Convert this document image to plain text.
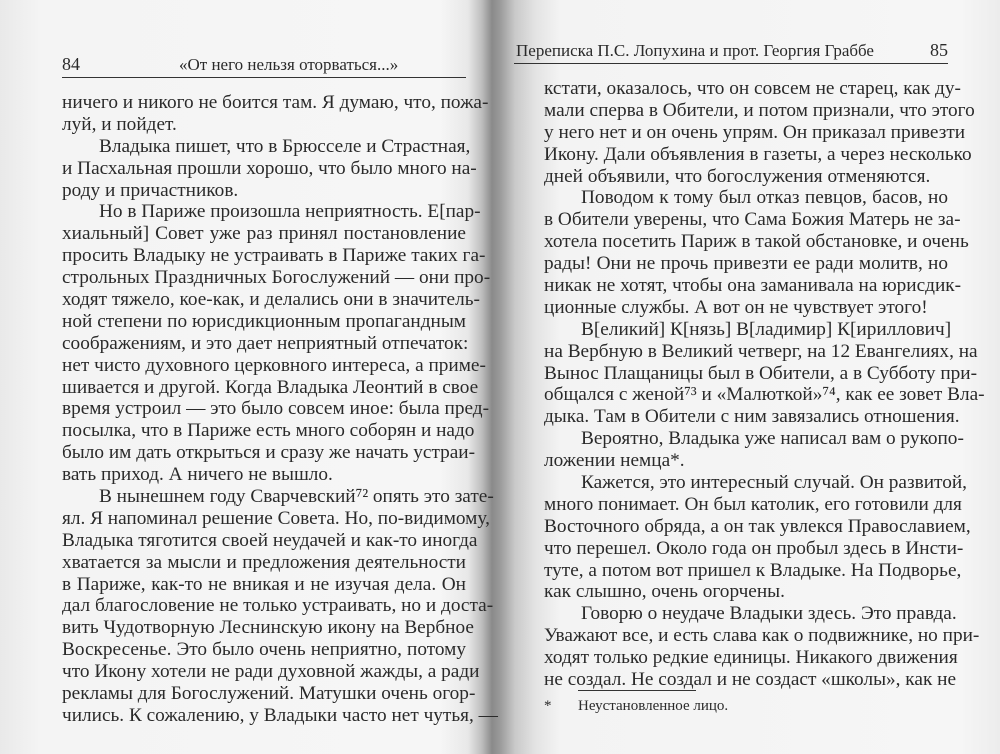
84	«От него нельзя оторваться...»
ничего и никого не боится там. Я думаю, что, пожа-
луй, и пойдет.
Владыка пишет, что в Брюсселе и Страстная,
и Пасхальная прошли хорошо, что было много на-
роду и причастников.
Но в Париже произошла неприятность. Е[пар-
хиальный] Совет уже раз принял постановление
просить Владыку не устраивать в Париже таких га-
строльных Праздничных Богослужений — они про-
ходят тяжело, кое-как, и делались они в значитель-
ной степени по юрисдикционным пропагандным
соображениям, и это дает неприятный отпечаток:
нет чисто духовного церковного интереса, а приме-
шивается и другой. Когда Владыка Леонтий в свое
время устроил — это было совсем иное: была пред-
посылка, что в Париже есть много соборян и надо
было им дать открыться и сразу же начать устраи-
вать приход. А ничего не вышло.
В нынешнем году Сварчевский⁷² опять это зате-
ял. Я напоминал решение Совета. Но, по-видимому,
Владыка тяготится своей неудачей и как-то иногда
хватается за мысли и предложения деятельности
в Париже, как-то не вникая и не изучая дела. Он
дал благословение не только устраивать, но и доста-
вить Чудотворную Леснинскую икону на Вербное
Воскресенье. Это было очень неприятно, потому
что Икону хотели не ради духовной жажды, а ради
рекламы для Богослужений. Матушки очень огор-
чились. К сожалению, у Владыки часто нет чутья, —
Переписка П.С. Лопухина и прот. Георгия Граббе	85
кстати, оказалось, что он совсем не старец, как ду-
мали сперва в Обители, и потом признали, что этого
у него нет и он очень упрям. Он приказал привезти
Икону. Дали объявления в газеты, а через несколько
дней объявили, что богослужения отменяются.
Поводом к тому был отказ певцов, басов, но
в Обители уверены, что Сама Божия Матерь не за-
хотела посетить Париж в такой обстановке, и очень
рады! Они не прочь привезти ее ради молитв, но
никак не хотят, чтобы она заманивала на юрисдик-
ционные службы. А вот он не чувствует этого!
В[еликий] К[нязь] В[ладимир] К[ириллович]
на Вербную в Великий четверг, на 12 Евангелиях, на
Вынос Плащаницы был в Обители, а в Субботу при-
общался с женой⁷³ и «Малюткой»⁷⁴, как ее зовет Вла-
дыка. Там в Обители с ним завязались отношения.
Вероятно, Владыка уже написал вам о рукопо-
ложении немца*.
Кажется, это интересный случай. Он развитой,
много понимает. Он был католик, его готовили для
Восточного обряда, а он так увлекся Православием,
что перешел. Около года он пробыл здесь в Инсти-
туте, а потом вот пришел к Владыке. На Подворье,
как слышно, очень огорчены.
Говорю о неудаче Владыки здесь. Это правда.
Уважают все, и есть слава как о подвижнике, но при-
ходят только редкие единицы. Никакого движения
не создал. Не создал и не создаст «школы», как не
* Неустановленное лицо.
